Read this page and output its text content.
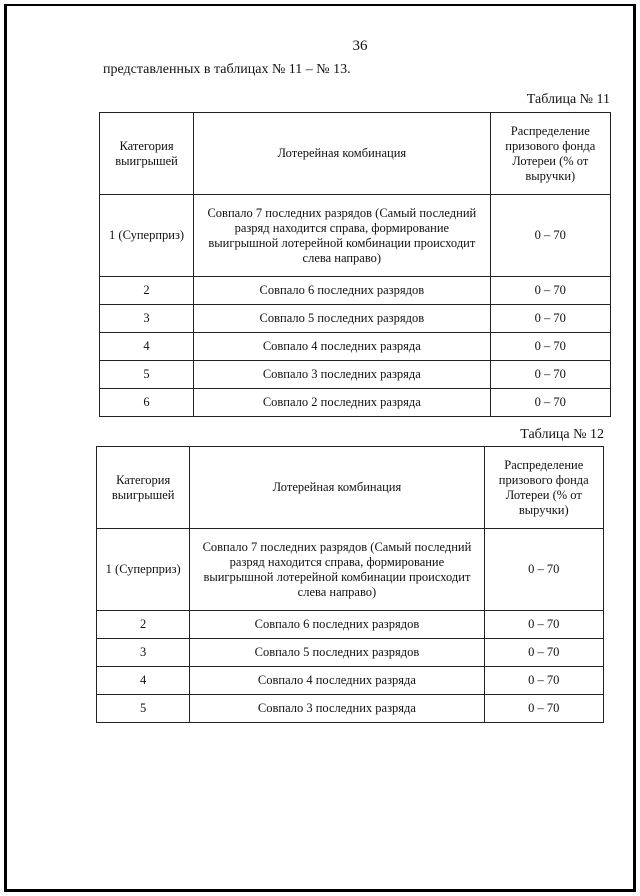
36
представленных в таблицах № 11 – № 13.
Таблица № 11
Категория выигрышей	Лотерейная комбинация	Распределение призового фонда Лотереи (% от выручки)

1 (Суперприз)	Совпало 7 последних разрядов (Самый последний разряд находится справа, формирование выигрышной лотерейной комбинации происходит слева направо)	0 – 70
2	Совпало 6 последних разрядов	0 – 70
3	Совпало 5 последних разрядов	0 – 70
4	Совпало 4 последних разряда	0 – 70
5	Совпало 3 последних разряда	0 – 70
6	Совпало 2 последних разряда	0 – 70
Таблица № 12
Категория выигрышей	Лотерейная комбинация	Распределение призового фонда Лотереи (% от выручки)

1 (Суперприз)	Совпало 7 последних разрядов (Самый последний разряд находится справа, формирование выигрышной лотерейной комбинации происходит слева направо)	0 – 70
2	Совпало 6 последних разрядов	0 – 70
3	Совпало 5 последних разрядов	0 – 70
4	Совпало 4 последних разряда	0 – 70
5	Совпало 3 последних разряда	0 – 70
